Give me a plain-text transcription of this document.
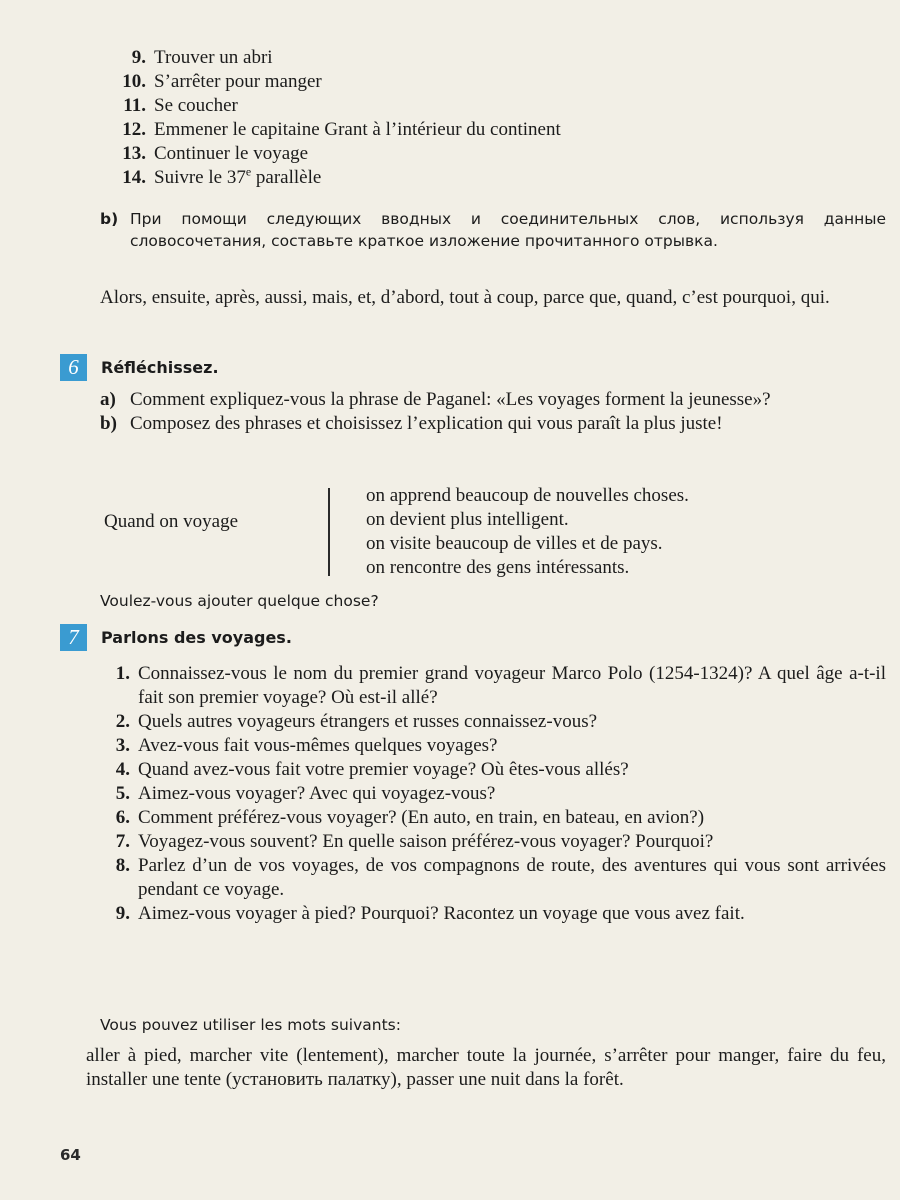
9. Trouver un abri
10. S’arrêter pour manger
11. Se coucher
12. Emmener le capitaine Grant à l’intérieur du continent
13. Continuer le voyage
14. Suivre le 37e parallèle
b) При помощи следующих вводных и соединительных слов, используя данные словосочетания, составьте краткое изложение прочитанного отрывка.
Alors, ensuite, après, aussi, mais, et, d’abord, tout à coup, parce que, quand, c’est pourquoi, qui.
6	Réfléchissez.
a) Comment expliquez-vous la phrase de Paganel: «Les voyages forment la jeunesse»?
b) Composez des phrases et choisissez l’explication qui vous paraît la plus juste!
Quand on voyage
on apprend beaucoup de nouvelles choses.
on devient plus intelligent.
on visite beaucoup de villes et de pays.
on rencontre des gens intéressants.
Voulez-vous ajouter quelque chose?
7	Parlons des voyages.
1. Connaissez-vous le nom du premier grand voyageur Marco Polo (1254-1324)? A quel âge a-t-il fait son premier voyage? Où est-il allé?
2. Quels autres voyageurs étrangers et russes connaissez-vous?
3. Avez-vous fait vous-mêmes quelques voyages?
4. Quand avez-vous fait votre premier voyage? Où êtes-vous allés?
5. Aimez-vous voyager? Avec qui voyagez-vous?
6. Comment préférez-vous voyager? (En auto, en train, en bateau, en avion?)
7. Voyagez-vous souvent? En quelle saison préférez-vous voyager? Pourquoi?
8. Parlez d’un de vos voyages, de vos compagnons de route, des aventures qui vous sont arrivées pendant ce voyage.
9. Aimez-vous voyager à pied? Pourquoi? Racontez un voyage que vous avez fait.
Vous pouvez utiliser les mots suivants:
aller à pied, marcher vite (lentement), marcher toute la journée, s’arrêter pour manger, faire du feu, installer une tente (установить палатку), passer une nuit dans la forêt.
64
